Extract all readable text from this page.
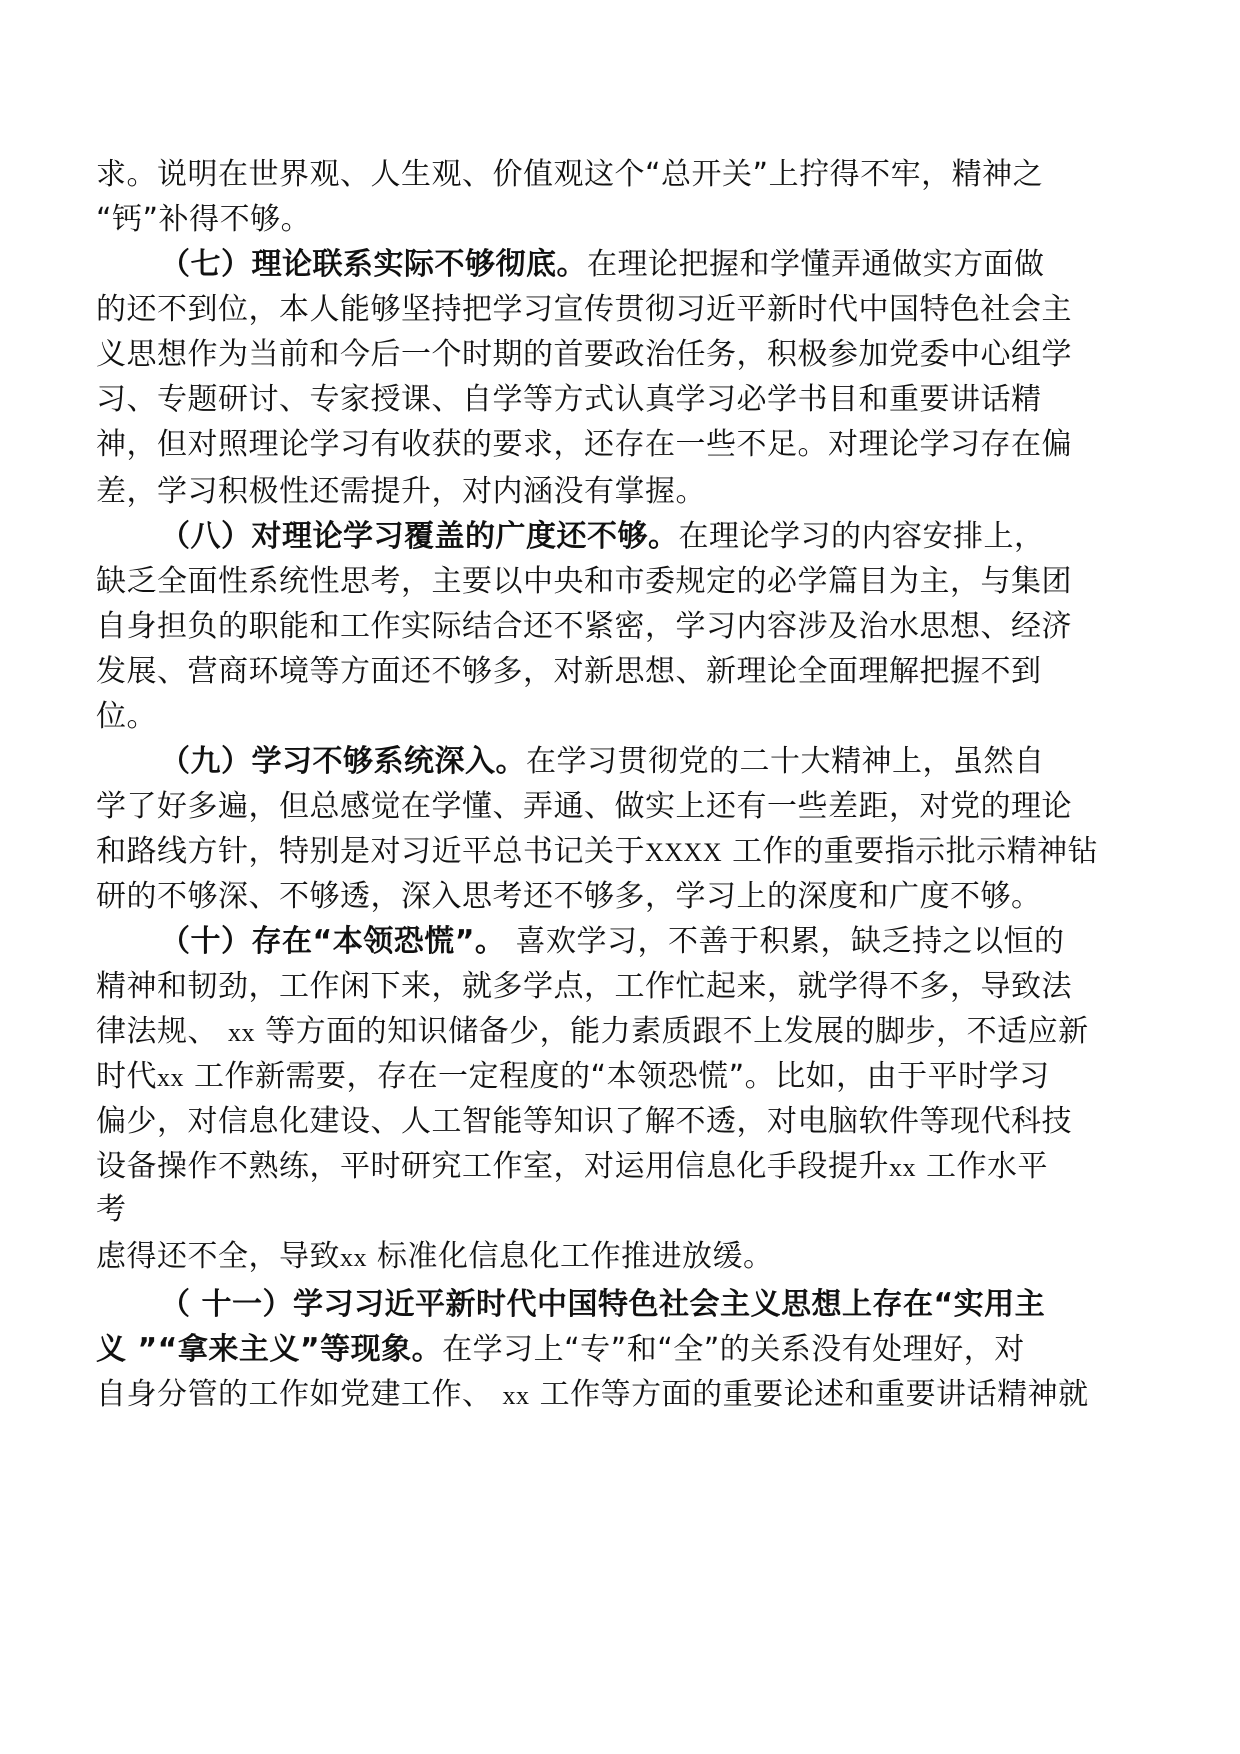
求。说明在世界观、人生观、价值观这个“总开关”上拧得不牢，精神之
“钙”补得不够。
（七）理论联系实际不够彻底。在理论把握和学懂弄通做实方面做
的还不到位，本人能够坚持把学习宣传贯彻习近平新时代中国特色社会主
义思想作为当前和今后一个时期的首要政治任务，积极参加党委中心组学
习、专题研讨、专家授课、自学等方式认真学习必学书目和重要讲话精
神，但对照理论学习有收获的要求，还存在一些不足。对理论学习存在偏
差，学习积极性还需提升，对内涵没有掌握。
（八）对理论学习覆盖的广度还不够。在理论学习的内容安排上，
缺乏全面性系统性思考，主要以中央和市委规定的必学篇目为主，与集团
自身担负的职能和工作实际结合还不紧密，学习内容涉及治水思想、经济
发展、营商环境等方面还不够多，对新思想、新理论全面理解把握不到
位。
（九）学习不够系统深入。在学习贯彻党的二十大精神上，虽然自
学了好多遍，但总感觉在学懂、弄通、做实上还有一些差距，对党的理论
和路线方针，特别是对习近平总书记关于XXXX 工作的重要指示批示精神钻
研的不够深、不够透，深入思考还不够多，学习上的深度和广度不够。
（十）存在“本领恐慌”。 喜欢学习，不善于积累，缺乏持之以恒的
精神和韧劲，工作闲下来，就多学点，工作忙起来，就学得不多，导致法
律法规、 xx 等方面的知识储备少，能力素质跟不上发展的脚步，不适应新
时代xx 工作新需要，存在一定程度的“本领恐慌”。比如，由于平时学习
偏少，对信息化建设、人工智能等知识了解不透，对电脑软件等现代科技
设备操作不熟练，平时研究工作室，对运用信息化手段提升xx 工作水平
考
虑得还不全，导致xx 标准化信息化工作推进放缓。
（ 十一）学习习近平新时代中国特色社会主义思想上存在“实用主
义 ”“拿来主义”等现象。在学习上“专”和“全”的关系没有处理好，对
自身分管的工作如党建工作、 xx 工作等方面的重要论述和重要讲话精神就
